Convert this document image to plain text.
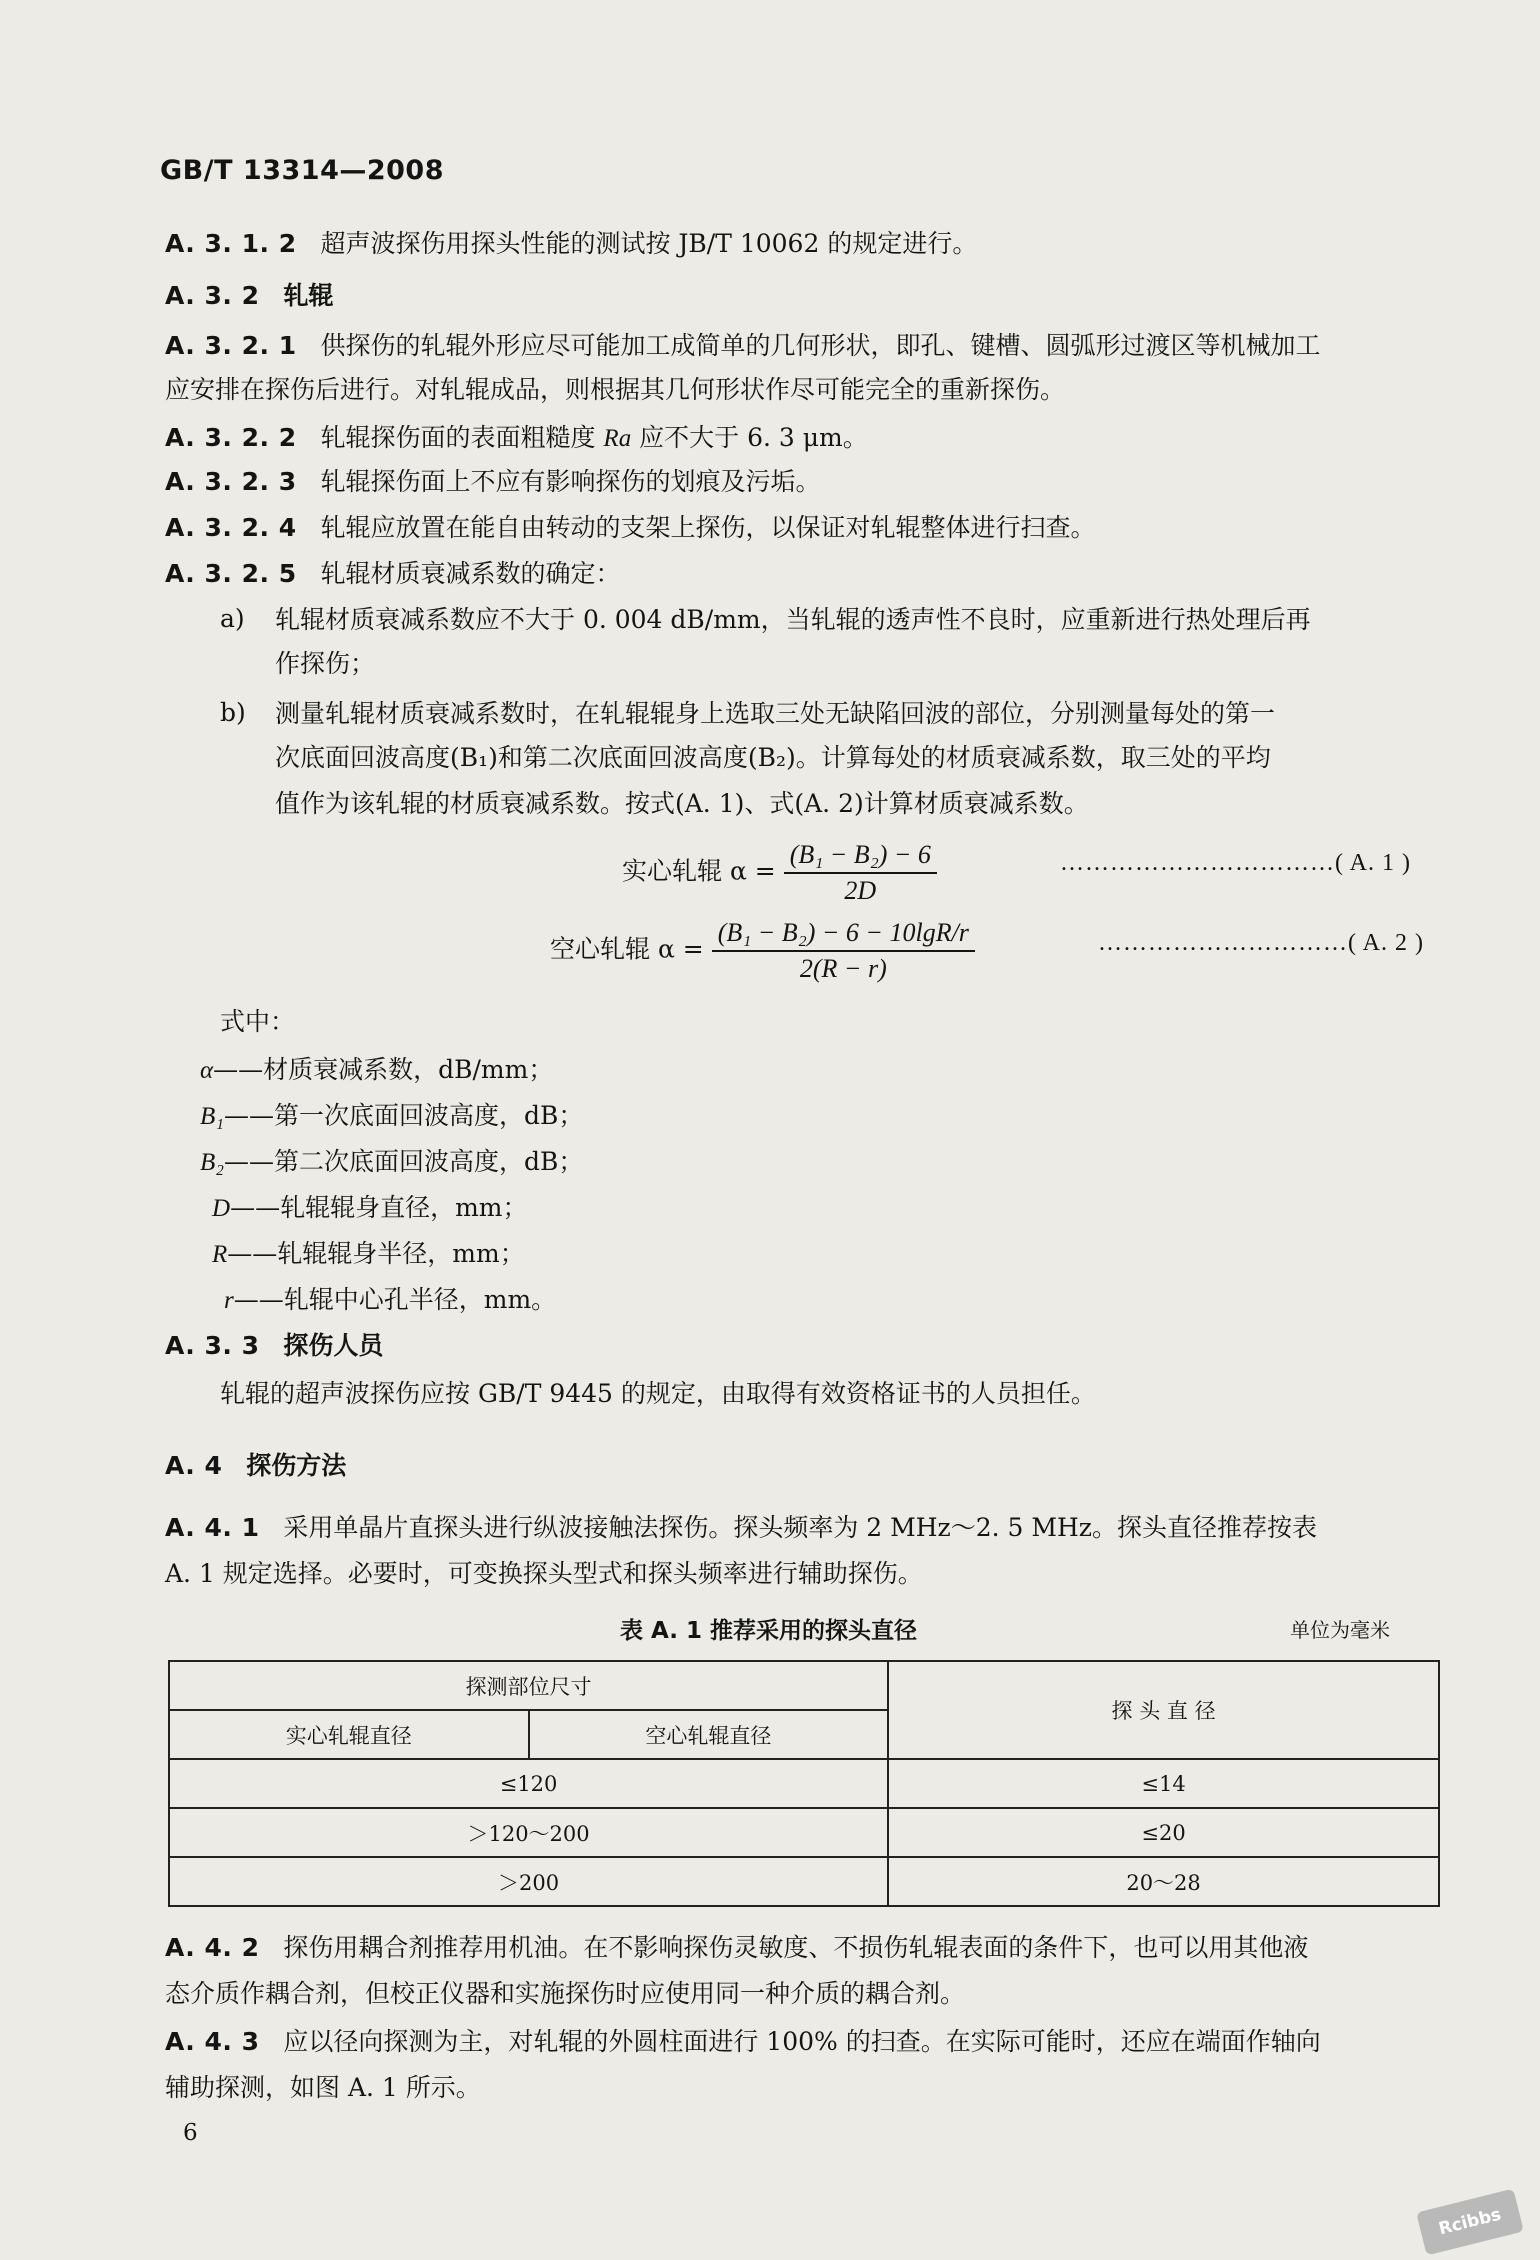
GB/T 13314—2008
A. 3. 1. 2 超声波探伤用探头性能的测试按 JB/T 10062 的规定进行。
A. 3. 2 轧辊
A. 3. 2. 1 供探伤的轧辊外形应尽可能加工成简单的几何形状，即孔、键槽、圆弧形过渡区等机械加工
应安排在探伤后进行。对轧辊成品，则根据其几何形状作尽可能完全的重新探伤。
A. 3. 2. 2 轧辊探伤面的表面粗糙度 Ra 应不大于 6. 3 μm。
A. 3. 2. 3 轧辊探伤面上不应有影响探伤的划痕及污垢。
A. 3. 2. 4 轧辊应放置在能自由转动的支架上探伤，以保证对轧辊整体进行扫查。
A. 3. 2. 5 轧辊材质衰减系数的确定：
a) 轧辊材质衰减系数应不大于 0. 004 dB/mm，当轧辊的透声性不良时，应重新进行热处理后再
作探伤；
b) 测量轧辊材质衰减系数时，在轧辊辊身上选取三处无缺陷回波的部位，分别测量每处的第一
次底面回波高度(B₁)和第二次底面回波高度(B₂)。计算每处的材质衰减系数，取三处的平均
值作为该轧辊的材质衰减系数。按式(A. 1)、式(A. 2)计算材质衰减系数。
实心轧辊 $\alpha = \frac{\text{(B₁ − B₂) − 6}}{2D}$	……………………………( A. 1 )
空心轧辊 $\alpha = \frac{\text{(B₁ − B₂) − 6 − 10lgR/r}}{2(R - r)}$	…………………………( A. 2 )
式中：
α——材质衰减系数，dB/mm；
B₁——第一次底面回波高度，dB；
B₂——第二次底面回波高度，dB；
D——轧辊辊身直径，mm；
R——轧辊辊身半径，mm；
r——轧辊中心孔半径，mm。
A. 3. 3 探伤人员
轧辊的超声波探伤应按 GB/T 9445 的规定，由取得有效资格证书的人员担任。
A. 4 探伤方法
A. 4. 1 采用单晶片直探头进行纵波接触法探伤。探头频率为 2 MHz～2. 5 MHz。探头直径推荐按表
A. 1 规定选择。必要时，可变换探头型式和探头频率进行辅助探伤。
表 A. 1 推荐采用的探头直径	单位为毫米
探测部位尺寸		探 头 直 径
实心轧辊直径	空心轧辊直径	
≤120		≤14
＞120～200		≤20
＞200		20～28
A. 4. 2 探伤用耦合剂推荐用机油。在不影响探伤灵敏度、不损伤轧辊表面的条件下，也可以用其他液
态介质作耦合剂，但校正仪器和实施探伤时应使用同一种介质的耦合剂。
A. 4. 3 应以径向探测为主，对轧辊的外圆柱面进行 100% 的扫查。在实际可能时，还应在端面作轴向
辅助探测，如图 A. 1 所示。
6
Rcibbs
